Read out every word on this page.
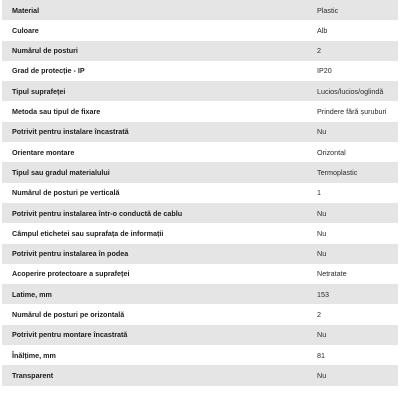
Material	Plastic
Culoare	Alb
Numărul de posturi	2
Grad de protecție - IP	IP20
Tipul suprafeței	Lucios/lucios/oglindă
Metoda sau tipul de fixare	Prindere fără șuruburi
Potrivit pentru instalare încastrată	Nu
Orientare montare	Orizontal
Tipul sau gradul materialului	Termoplastic
Numărul de posturi pe verticală	1
Potrivit pentru instalarea într-o conductă de cablu	Nu
Câmpul etichetei sau suprafața de informații	Nu
Potrivit pentru instalarea în podea	Nu
Acoperire protectoare a suprafeței	Netratate
Latime, mm	153
Numărul de posturi pe orizontală	2
Potrivit pentru montare încastrată	Nu
Înălțime, mm	81
Transparent	Nu
